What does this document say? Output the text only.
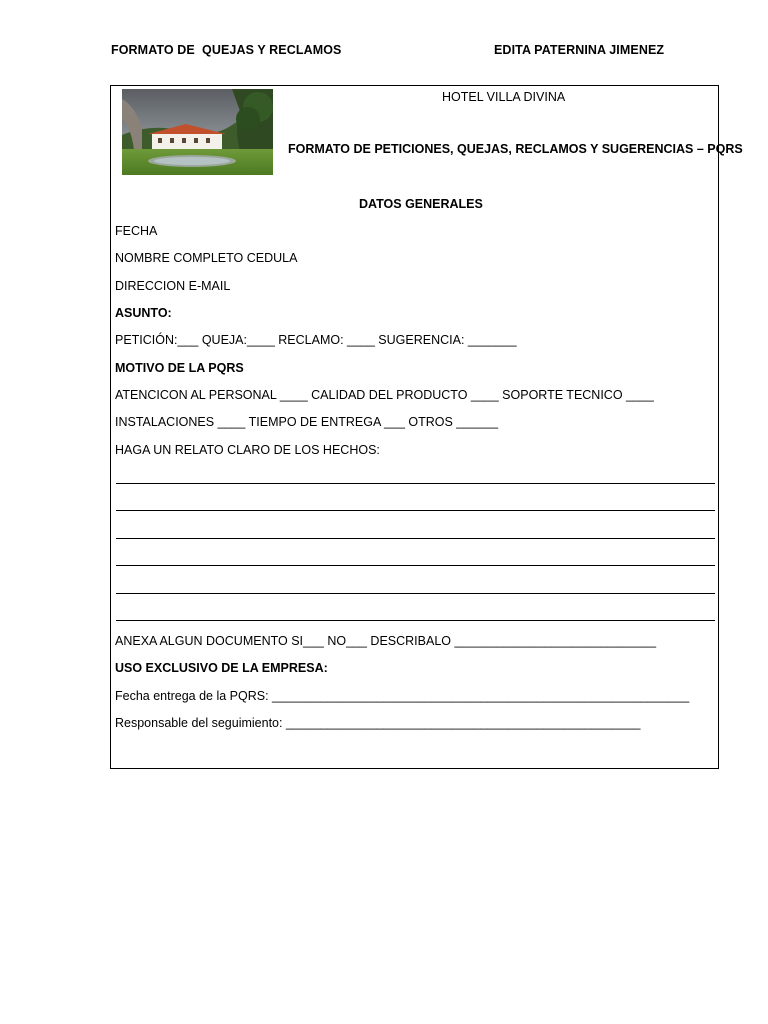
FORMATO DE  QUEJAS Y RECLAMOS	EDITA PATERNINA JIMENEZ
HOTEL VILLA DIVINA
FORMATO DE PETICIONES, QUEJAS, RECLAMOS Y SUGERENCIAS – PQRS
DATOS GENERALES
FECHA
NOMBRE COMPLETO CEDULA
DIRECCION E-MAIL
ASUNTO:
PETICIÓN:___ QUEJA:____ RECLAMO: ____ SUGERENCIA: _______
MOTIVO DE LA PQRS
ATENCICON AL PERSONAL ____ CALIDAD DEL PRODUCTO ____ SOPORTE TECNICO ____
INSTALACIONES ____ TIEMPO DE ENTREGA ___ OTROS ______
HAGA UN RELATO CLARO DE LOS HECHOS:
ANEXA ALGUN DOCUMENTO SI___ NO___ DESCRIBALO _____________________________
USO EXCLUSIVO DE LA EMPRESA:
Fecha entrega de la PQRS: ____________________________________________________________
Responsable del seguimiento: ___________________________________________________
